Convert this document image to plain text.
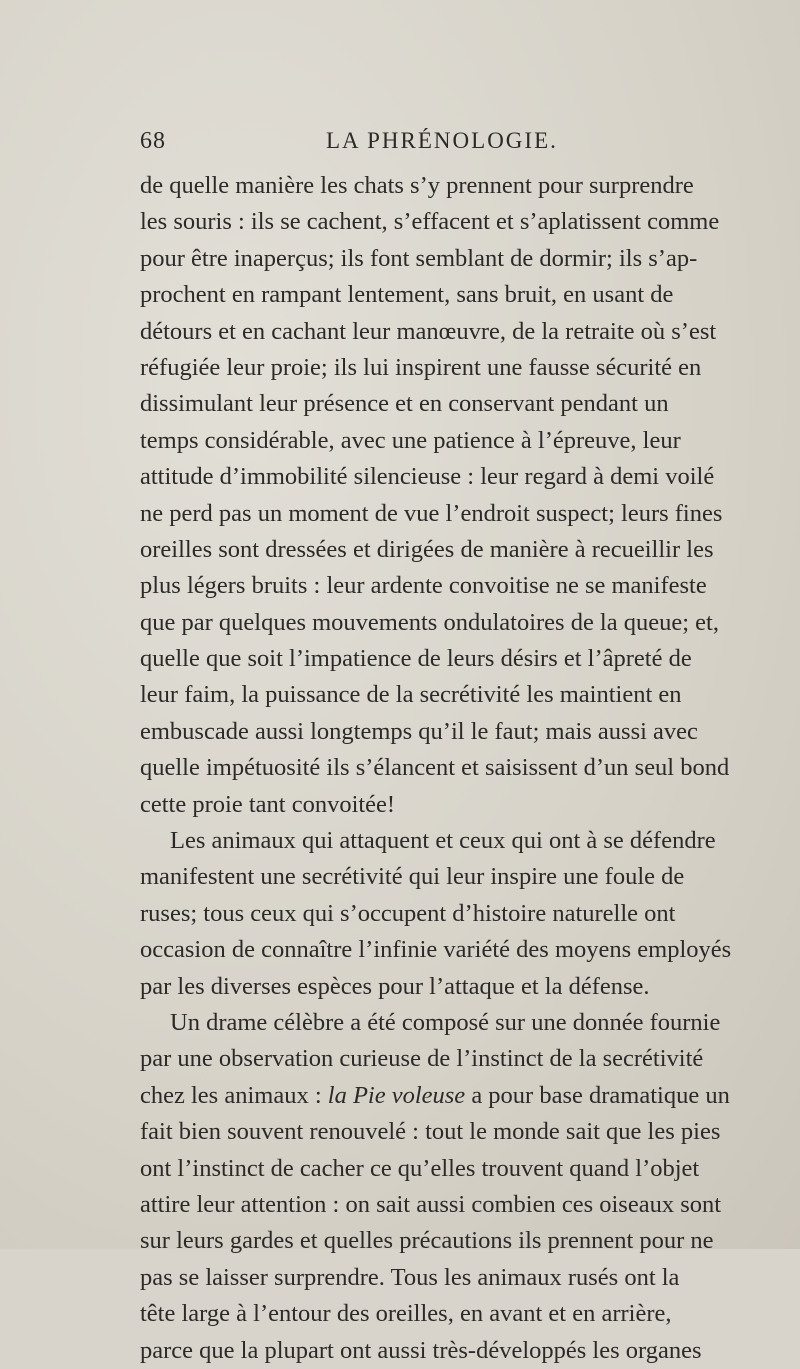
68	LA PHRÉNOLOGIE.
de quelle manière les chats s’y prennent pour surprendre
les souris : ils se cachent, s’effacent et s’aplatissent comme
pour être inaperçus; ils font semblant de dormir; ils s’ap-
prochent en rampant lentement, sans bruit, en usant de
détours et en cachant leur manœuvre, de la retraite où s’est
réfugiée leur proie; ils lui inspirent une fausse sécurité en
dissimulant leur présence et en conservant pendant un
temps considérable, avec une patience à l’épreuve, leur
attitude d’immobilité silencieuse : leur regard à demi voilé
ne perd pas un moment de vue l’endroit suspect; leurs fines
oreilles sont dressées et dirigées de manière à recueillir les
plus légers bruits : leur ardente convoitise ne se manifeste
que par quelques mouvements ondulatoires de la queue; et,
quelle que soit l’impatience de leurs désirs et l’âpreté de
leur faim, la puissance de la secrétivité les maintient en
embuscade aussi longtemps qu’il le faut; mais aussi avec
quelle impétuosité ils s’élancent et saisissent d’un seul bond
cette proie tant convoitée!
Les animaux qui attaquent et ceux qui ont à se défendre
manifestent une secrétivité qui leur inspire une foule de
ruses; tous ceux qui s’occupent d’histoire naturelle ont
occasion de connaître l’infinie variété des moyens employés
par les diverses espèces pour l’attaque et la défense.
Un drame célèbre a été composé sur une donnée fournie
par une observation curieuse de l’instinct de la secrétivité
chez les animaux : la Pie voleuse a pour base dramatique un
fait bien souvent renouvelé : tout le monde sait que les pies
ont l’instinct de cacher ce qu’elles trouvent quand l’objet
attire leur attention : on sait aussi combien ces oiseaux sont
sur leurs gardes et quelles précautions ils prennent pour ne
pas se laisser surprendre. Tous les animaux rusés ont la
tête large à l’entour des oreilles, en avant et en arrière,
parce que la plupart ont aussi très-développés les organes
